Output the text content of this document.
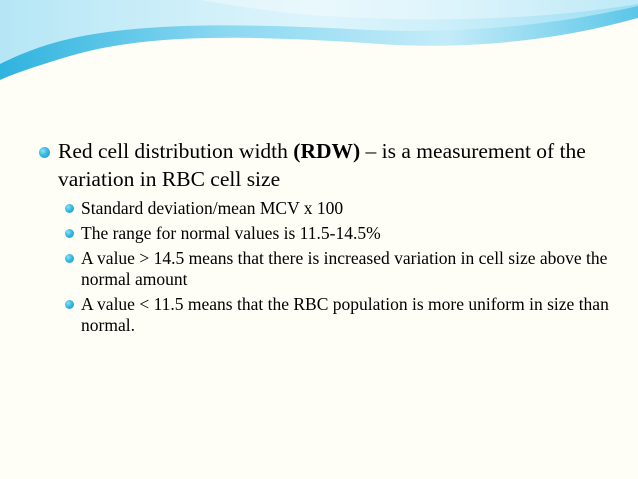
Red cell distribution width (RDW) – is a measurement of the variation in RBC cell size

Standard deviation/mean MCV x 100

The range for normal values is 11.5-14.5%

A value > 14.5 means that there is increased variation in cell size above the normal amount

A value < 11.5 means that the RBC population is more uniform in size than normal.
